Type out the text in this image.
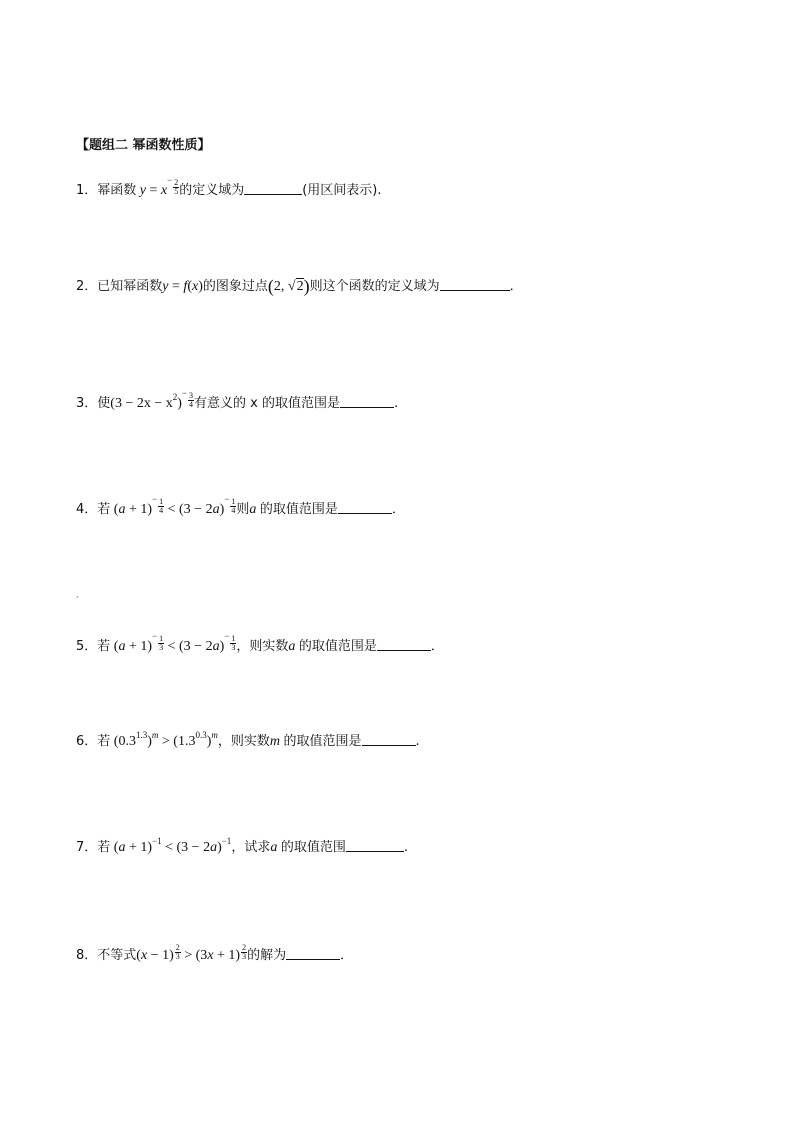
【题组二 幂函数性质】
1．幂函数 $y = x^- \frac{2}{5}$ 的定义域为	(用区间表示).
2．已知幂函数y = f(x)的图象过点(2, √2)则这个函数的定义域为	．
3．使$(3 - 2x - x^2)^- \frac{3}{4}$ 有意义的 x 的取值范围是	.
4．若 $(a + 1)^- \frac{1}{4} < (3 - 2a)^- \frac{1}{4}$ 则a 的取值范围是	．
·
5．若 $(a + 1)^- \frac{1}{3} < (3 - 2a)^- \frac{1}{3}$ ，则实数a 的取值范围是	．
6．若 $(0.3^{1.3})^m > (1.3^{0.3})^m$，则实数m 的取值范围是	.
7．若 $(a + 1)^{-1} < (3 - 2a)^{-1}$，试求a 的取值范围	.
8．不等式$(x - 1) \frac{2}{3} > (3x + 1) \frac{2}{3}$ 的解为	．
